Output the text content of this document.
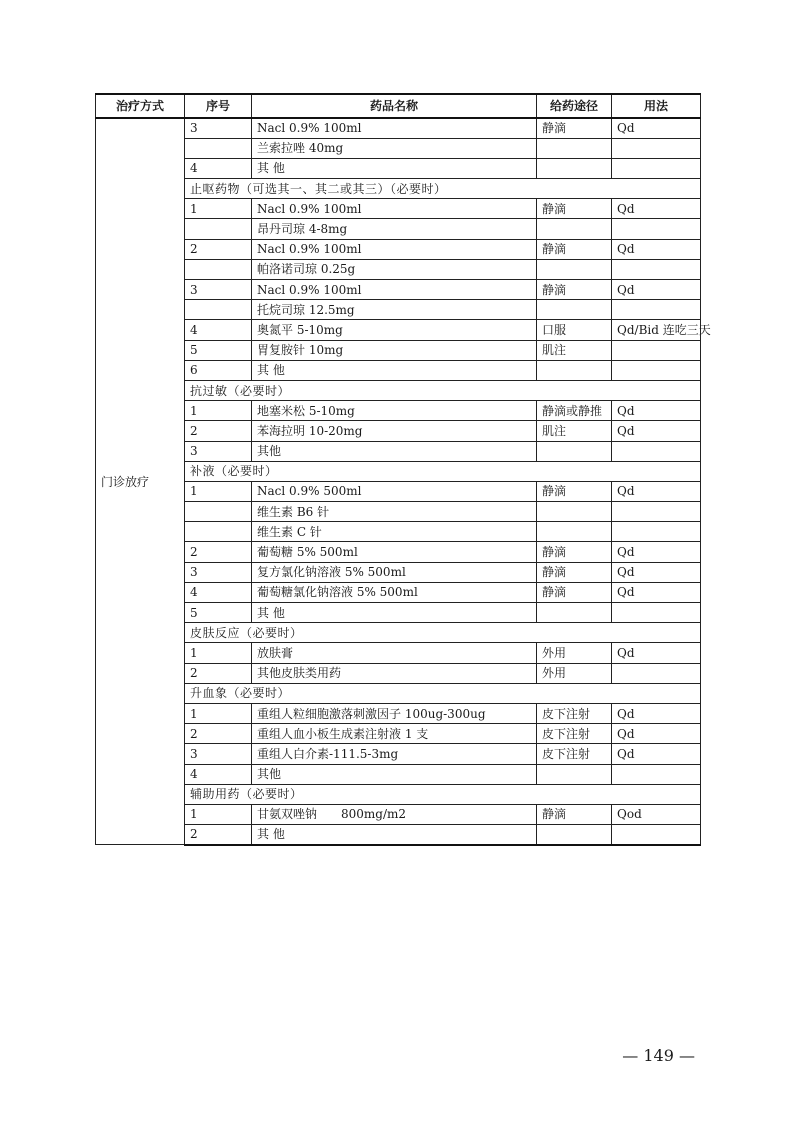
治疗方式	序号	药品名称	给药途径	用法
门诊放疗	3	Nacl 0.9% 100ml	静滴	Qd
		兰索拉唑 40mg		
	4	其 他		
	止呕药物（可选其一、其二或其三）（必要时）			
	1	Nacl 0.9% 100ml	静滴	Qd
		昂丹司琼 4-8mg		
	2	Nacl 0.9% 100ml	静滴	Qd
		帕洛诺司琼 0.25g		
	3	Nacl 0.9% 100ml	静滴	Qd
		托烷司琼 12.5mg		
	4	奥氮平 5-10mg	口服	Qd/Bid 连吃三天
	5	胃复胺针 10mg	肌注	
	6	其 他		
	抗过敏（必要时）			
	1	地塞米松 5-10mg	静滴或静推	Qd
	2	苯海拉明 10-20mg	肌注	Qd
	3	其他		
	补液（必要时）			
	1	Nacl 0.9% 500ml	静滴	Qd
		维生素 B6 针		
		维生素 C 针		
	2	葡萄糖 5% 500ml	静滴	Qd
	3	复方氯化钠溶液 5% 500ml	静滴	Qd
	4	葡萄糖氯化钠溶液 5% 500ml	静滴	Qd
	5	其 他		
	皮肤反应（必要时）			
	1	放肤膏	外用	Qd
	2	其他皮肤类用药	外用	
	升血象（必要时）			
	1	重组人粒细胞激落刺激因子 100ug-300ug	皮下注射	Qd
	2	重组人血小板生成素注射液 1 支	皮下注射	Qd
	3	重组人白介素-111.5-3mg	皮下注射	Qd
	4	其他		
	辅助用药（必要时）			
	1	甘氨双唑钠　　800mg/m2	静滴	Qod
	2	其 他		
— 149 —
